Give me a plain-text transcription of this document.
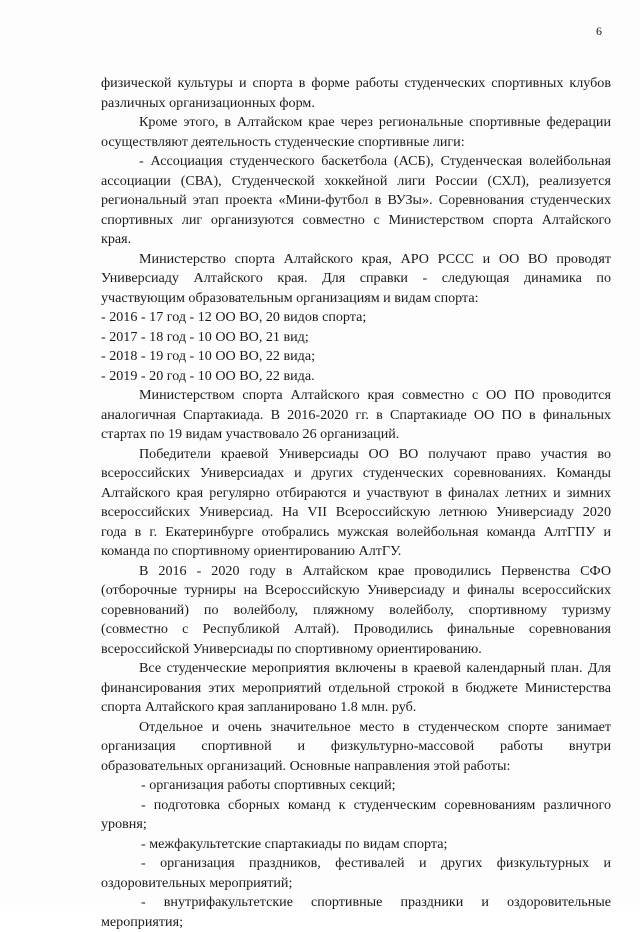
6
физической культуры и спорта в форме работы студенческих спортивных клубов
различных организационных форм.
Кроме этого, в Алтайском крае через региональные спортивные федерации
осуществляют деятельность студенческие спортивные лиги:
- Ассоциация студенческого баскетбола (АСБ), Студенческая волейбольная
ассоциации (СВА), Студенческой хоккейной лиги России (СХЛ), реализуется
региональный этап проекта «Мини-футбол в ВУЗы». Соревнования студенческих
спортивных лиг организуются совместно с Министерством спорта Алтайского
края.
Министерство спорта Алтайского края, АРО РССС и ОО ВО проводят
Универсиаду Алтайского края. Для справки - следующая динамика по
участвующим образовательным организациям и видам спорта:
- 2016 - 17 год - 12 ОО ВО, 20 видов спорта;
- 2017 - 18 год - 10 ОО ВО, 21 вид;
- 2018 - 19 год - 10 ОО ВО, 22 вида;
- 2019 - 20 год - 10 ОО ВО, 22 вида.
Министерством спорта Алтайского края совместно с ОО ПО проводится
аналогичная Спартакиада. В 2016-2020 гг. в Спартакиаде ОО ПО в финальных
стартах по 19 видам участвовало 26 организаций.
Победители краевой Универсиады ОО ВО получают право участия во
всероссийских Универсиадах и других студенческих соревнованиях. Команды
Алтайского края регулярно отбираются и участвуют в финалах летних и зимних
всероссийских Универсиад. На VII Всероссийскую летнюю Универсиаду 2020
года в г. Екатеринбурге отобрались мужская волейбольная команда АлтГПУ и
команда по спортивному ориентированию АлтГУ.
В 2016 - 2020 году в Алтайском крае проводились Первенства СФО
(отборочные турниры на Всероссийскую Универсиаду и финалы всероссийских
соревнований) по волейболу, пляжному волейболу, спортивному туризму
(совместно с Республикой Алтай). Проводились финальные соревнования
всероссийской Универсиады по спортивному ориентированию.
Все студенческие мероприятия включены в краевой календарный план. Для
финансирования этих мероприятий отдельной строкой в бюджете Министерства
спорта Алтайского края запланировано 1.8 млн. руб.
Отдельное и очень значительное место в студенческом спорте занимает
организация спортивной и физкультурно-массовой работы внутри
образовательных организаций. Основные направления этой работы:
- организация работы спортивных секций;
- подготовка сборных команд к студенческим соревнованиям различного
уровня;
- межфакультетские спартакиады по видам спорта;
- организация праздников, фестивалей и других физкультурных и
оздоровительных мероприятий;
- внутрифакультетские спортивные праздники и оздоровительные
мероприятия;
